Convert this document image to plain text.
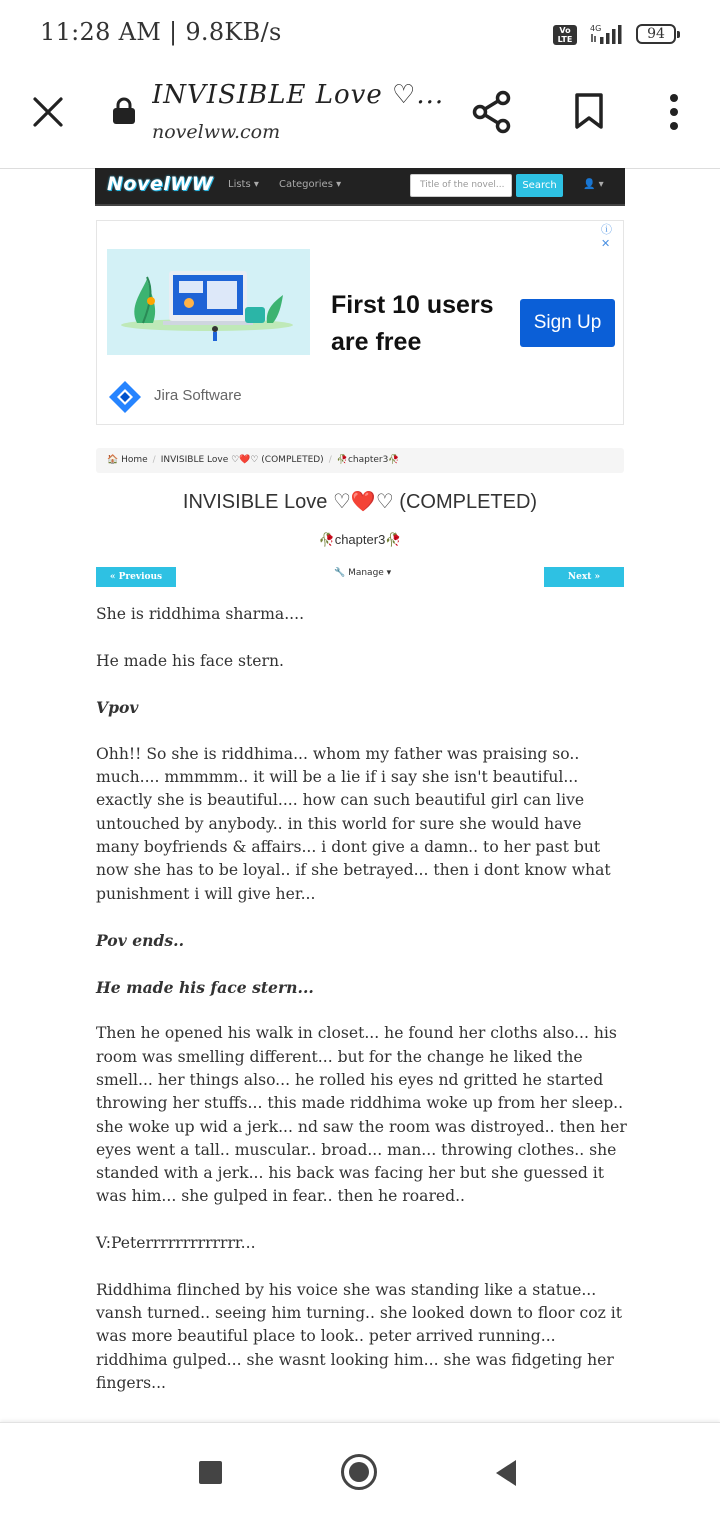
11:28 AM | 9.8KB/s	Vo
LTE
4G	94
INVISIBLE Love ♡...
novelww.com
NovelWW Lists ▾ Categories ▾	Title of the novel...	Search	👤 ▾
ⓘ ✕
First 10 users are free
Sign Up
Jira Software
🏠 Home / INVISIBLE Love ♡❤️♡ (COMPLETED) / 🥀chapter3🥀
INVISIBLE Love ♡❤️♡ (COMPLETED)
🥀chapter3🥀
« Previous	🔧 Manage ▾	Next »

She is riddhima sharma....

He made his face stern.

Vpov

Ohh!! So she is riddhima... whom my father was praising so.. much.... mmmmm.. it will be a lie if i say she isn't beautiful... exactly she is beautiful.... how can such beautiful girl can live untouched by anybody.. in this world for sure she would have many boyfriends & affairs... i dont give a damn.. to her past but now she has to be loyal.. if she betrayed... then i dont know what punishment i will give her...

Pov ends..

He made his face stern...

Then he opened his walk in closet... he found her cloths also... his room was smelling different... but for the change he liked the smell... her things also... he rolled his eyes nd gritted he started throwing her stuffs... this made riddhima woke up from her sleep.. she woke up wid a jerk... nd saw the room was distroyed.. then her eyes went a tall.. muscular.. broad... man... throwing clothes.. she standed with a jerk... his back was facing her but she guessed it was him... she gulped in fear.. then he roared..

V:Peterrrrrrrrrrrrr...

Riddhima flinched by his voice she was standing like a statue... vansh turned.. seeing him turning.. she looked down to floor coz it was more beautiful place to look.. peter arrived running... riddhima gulped... she wasnt looking him... she was fidgeting her fingers...
